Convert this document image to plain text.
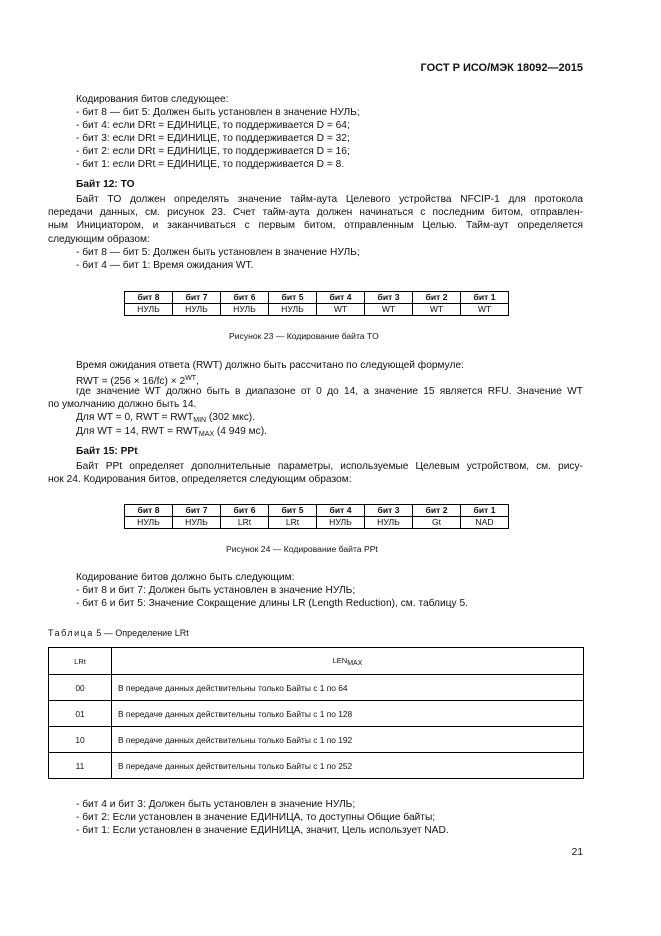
ГОСТ Р ИСО/МЭК 18092—2015
Кодирования битов следующее:
- бит 8 — бит 5: Должен быть установлен в значение НУЛЬ;
- бит 4: если DRt = ЕДИНИЦЕ, то поддерживается D = 64;
- бит 3: если DRt = ЕДИНИЦЕ, то поддерживается D = 32;
- бит 2: если DRt = ЕДИНИЦЕ, то поддерживается D = 16;
- бит 1: если DRt = ЕДИНИЦЕ, то поддерживается D = 8.
Байт 12: TO
Байт TO должен определять значение тайм-аута Целевого устройства NFCIP-1 для протокола
передачи данных, см. рисунок 23. Счет тайм-аута должен начинаться с последним битом, отправлен-
ным Инициатором, и заканчиваться с первым битом, отправленным Целью. Тайм-аут определяется
следующим образом:
- бит 8 — бит 5: Должен быть установлен в значение НУЛЬ;
- бит 4 — бит 1: Время ожидания WT.
бит 8	бит 7	бит 6	бит 5	бит 4	бит 3	бит 2	бит 1
НУЛЬ	НУЛЬ	НУЛЬ	НУЛЬ	WT	WT	WT	WT
Рисунок 23 — Кодирование байта TO
Время ожидания ответа (RWT) должно быть рассчитано по следующей формуле:
RWT = $(256 \times 16/fc) \times 2^{WT}$,
где значение WT должно быть в диапазоне от 0 до 14, а значение 15 является RFU. Значение WT
по умолчанию должно быть 14.
Для WT = 0, RWT = $RWT_{MIN}$ (302 мкс).
Для WT = 14, RWT = $RWT_{MAX}$ (4 949 мс).
Байт 15: PPt
Байт PPt определяет дополнительные параметры, используемые Целевым устройством, см. рису-
нок 24. Кодирования битов, определяется следующим образом:
бит 8	бит 7	бит 6	бит 5	бит 4	бит 3	бит 2	бит 1
НУЛЬ	НУЛЬ	LRt	LRt	НУЛЬ	НУЛЬ	Gt	NAD
Рисунок 24 — Кодирование байта PPt
Кодирование битов должно быть следующим:
- бит 8 и бит 7: Должен быть установлен в значение НУЛЬ;
- бит 6 и бит 5: Значение Сокращение длины LR (Length Reduction), см. таблицу 5.
Таблица 5 — Определение LRt
LRt	$LEN_{MAX}$
00	В передаче данных действительны только Байты с 1 по 64
01	В передаче данных действительны только Байты с 1 по 128
10	В передаче данных действительны только Байты с 1 по 192
11	В передаче данных действительны только Байты с 1 по 252
- бит 4 и бит 3: Должен быть установлен в значение НУЛЬ;
- бит 2: Если установлен в значение ЕДИНИЦА, то доступны Общие байты;
- бит 1: Если установлен в значение ЕДИНИЦА, значит, Цель использует NAD.
21
